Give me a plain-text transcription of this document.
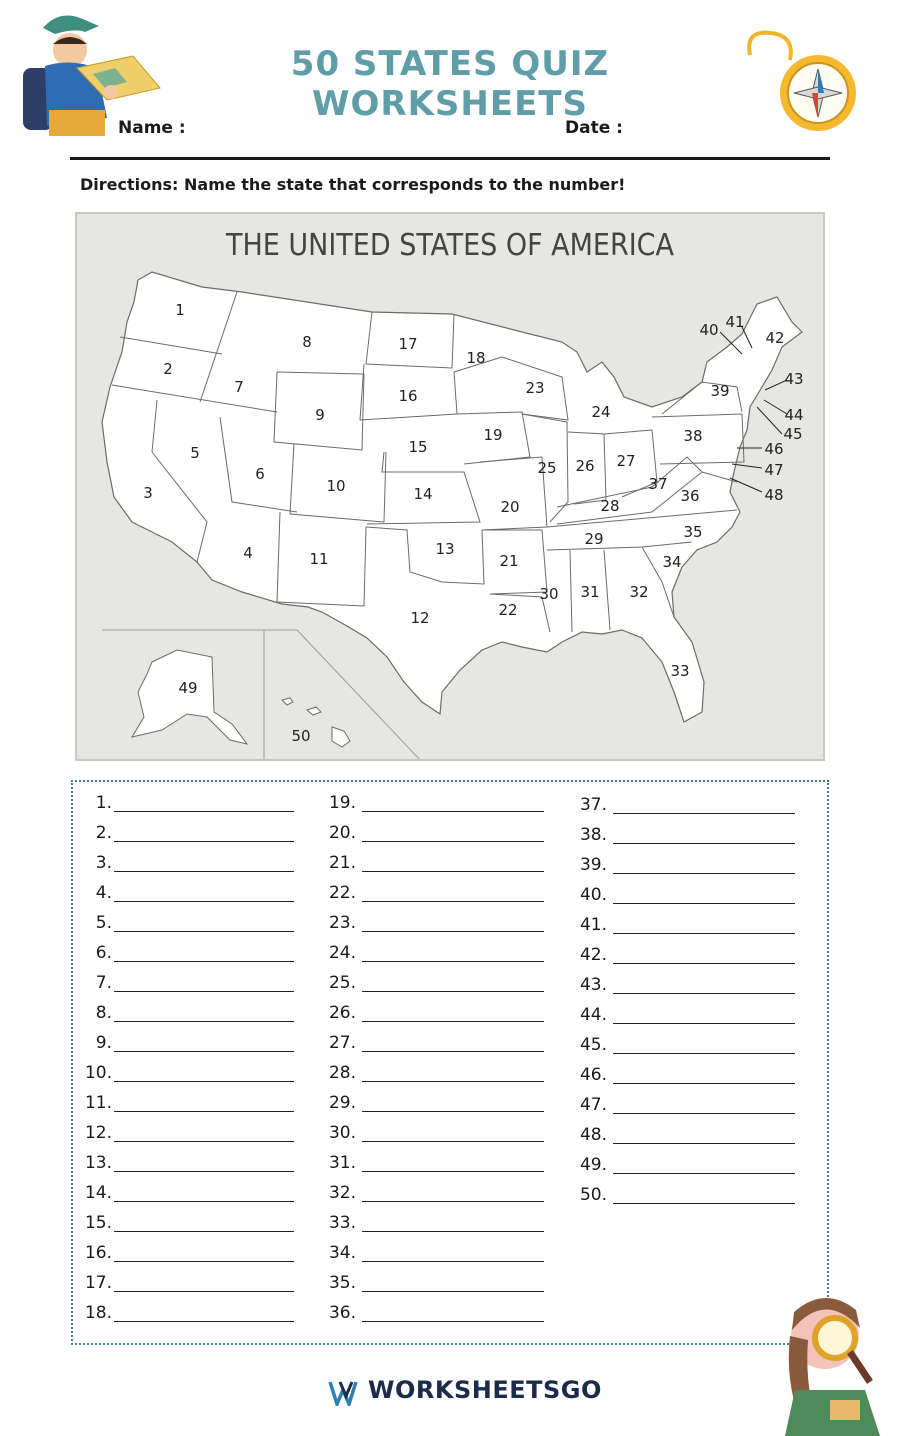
50 STATES QUIZ WORKSHEETS
Name :	Date :
Directions: Name the state that corresponds to the number!
THE UNITED STATES OF AMERICA
1
2
3
4
5
6
7
8
9
10
11
12
13
14
15
16
17
18
19
20
21
22
23
24
25 26 27
28
29
30 31 32
33
34
35
36
37
38
39
40 41
42
43
44
45
46
47
48
49
50
1.
2.
3.
4.
5.
6.
7.
8.
9.
10.
11.
12.
13.
14.
15.
16.
17.
18.
19.
20.
21.
22.
23.
24.
25.
26.
27.
28.
29.
30.
31.
32.
33.
34.
35.
36.
37.
38.
39.
40.
41.
42.
43.
44.
45.
46.
47.
48.
49.
50.
WORKSHEETSGO
